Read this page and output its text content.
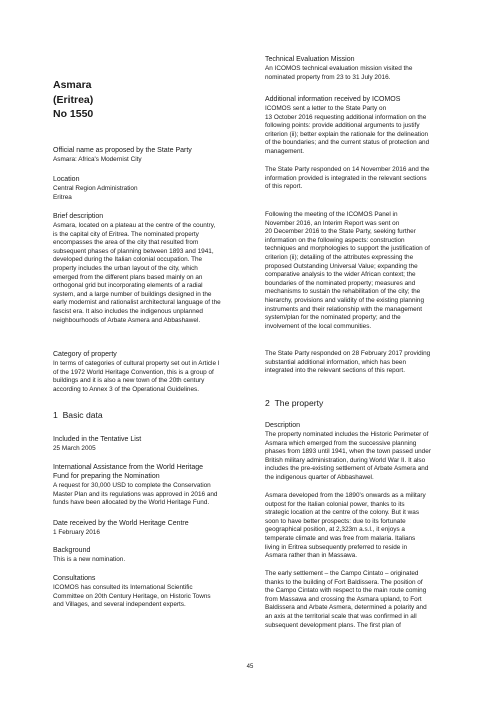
Asmara
(Eritrea)
No 1550
Official name as proposed by the State Party
Asmara: Africa's Modernist City
Location
Central Region Administration
Eritrea
Brief description
Asmara, located on a plateau at the centre of the country,
is the capital city of Eritrea. The nominated property
encompasses the area of the city that resulted from
subsequent phases of planning between 1893 and 1941,
developed during the Italian colonial occupation. The
property includes the urban layout of the city, which
emerged from the different plans based mainly on an
orthogonal grid but incorporating elements of a radial
system, and a large number of buildings designed in the
early modernist and rationalist architectural language of the
fascist era. It also includes the indigenous unplanned
neighbourhoods of Arbate Asmera and Abbashawel.
Category of property
In terms of categories of cultural property set out in Article I
of the 1972 World Heritage Convention, this is a group of
buildings and it is also a new town of the 20th century
according to Annex 3 of the Operational Guidelines.
1 Basic data
Included in the Tentative List
25 March 2005
International Assistance from the World Heritage
Fund for preparing the Nomination
A request for 30,000 USD to complete the Conservation
Master Plan and its regulations was approved in 2016 and
funds have been allocated by the World Heritage Fund.
Date received by the World Heritage Centre
1 February 2016
Background
This is a new nomination.
Consultations
ICOMOS has consulted its International Scientific
Committee on 20th Century Heritage, on Historic Towns
and Villages, and several independent experts.
Technical Evaluation Mission
An ICOMOS technical evaluation mission visited the
nominated property from 23 to 31 July 2016.
Additional information received by ICOMOS
ICOMOS sent a letter to the State Party on
13 October 2016 requesting additional information on the
following points: provide additional arguments to justify
criterion (ii); better explain the rationale for the delineation
of the boundaries; and the current status of protection and
management.
The State Party responded on 14 November 2016 and the
information provided is integrated in the relevant sections
of this report.
Following the meeting of the ICOMOS Panel in
November 2016, an Interim Report was sent on
20 December 2016 to the State Party, seeking further
information on the following aspects: construction
techniques and morphologies to support the justification of
criterion (ii); detailing of the attributes expressing the
proposed Outstanding Universal Value; expanding the
comparative analysis to the wider African context; the
boundaries of the nominated property; measures and
mechanisms to sustain the rehabilitation of the city; the
hierarchy, provisions and validity of the existing planning
instruments and their relationship with the management
system/plan for the nominated property; and the
involvement of the local communities.
The State Party responded on 28 February 2017 providing
substantial additional information, which has been
integrated into the relevant sections of this report.
2 The property
Description
The property nominated includes the Historic Perimeter of
Asmara which emerged from the successive planning
phases from 1893 until 1941, when the town passed under
British military administration, during World War II. It also
includes the pre-existing settlement of Arbate Asmera and
the indigenous quarter of Abbashawel.
Asmara developed from the 1890's onwards as a military
outpost for the Italian colonial power, thanks to its
strategic location at the centre of the colony. But it was
soon to have better prospects: due to its fortunate
geographical position, at 2,323m a.s.l., it enjoys a
temperate climate and was free from malaria. Italians
living in Eritrea subsequently preferred to reside in
Asmara rather than in Massawa.
The early settlement – the Campo Cintato – originated
thanks to the building of Fort Baldissera. The position of
the Campo Cintato with respect to the main route coming
from Massawa and crossing the Asmara upland, to Fort
Baldissera and Arbate Asmera, determined a polarity and
an axis at the territorial scale that was confirmed in all
subsequent development plans. The first plan of
45
